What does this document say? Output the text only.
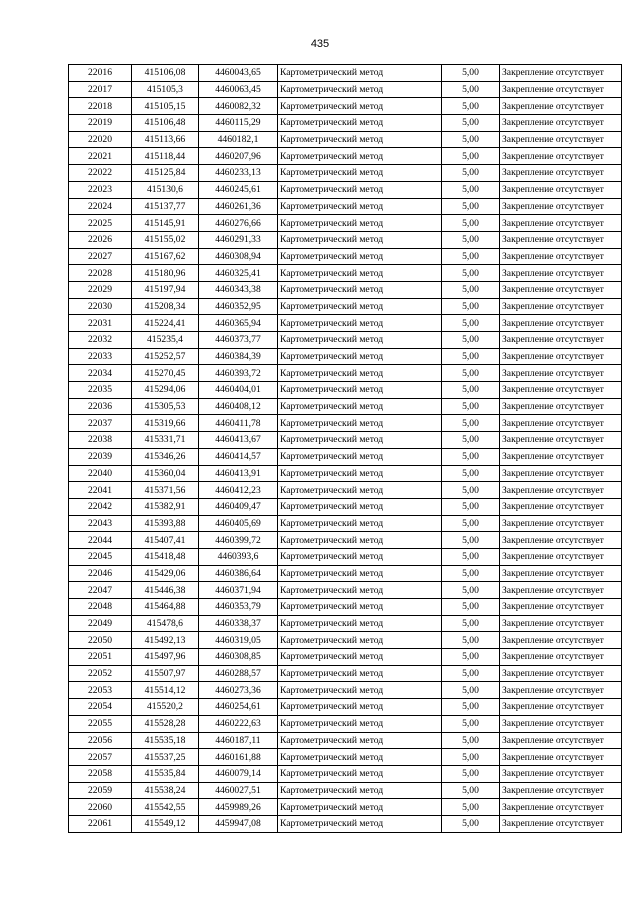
435
22016	415106,08	4460043,65	Картометрический метод	5,00	Закрепление отсутствует
22017	415105,3	4460063,45	Картометрический метод	5,00	Закрепление отсутствует
22018	415105,15	4460082,32	Картометрический метод	5,00	Закрепление отсутствует
22019	415106,48	4460115,29	Картометрический метод	5,00	Закрепление отсутствует
22020	415113,66	4460182,1	Картометрический метод	5,00	Закрепление отсутствует
22021	415118,44	4460207,96	Картометрический метод	5,00	Закрепление отсутствует
22022	415125,84	4460233,13	Картометрический метод	5,00	Закрепление отсутствует
22023	415130,6	4460245,61	Картометрический метод	5,00	Закрепление отсутствует
22024	415137,77	4460261,36	Картометрический метод	5,00	Закрепление отсутствует
22025	415145,91	4460276,66	Картометрический метод	5,00	Закрепление отсутствует
22026	415155,02	4460291,33	Картометрический метод	5,00	Закрепление отсутствует
22027	415167,62	4460308,94	Картометрический метод	5,00	Закрепление отсутствует
22028	415180,96	4460325,41	Картометрический метод	5,00	Закрепление отсутствует
22029	415197,94	4460343,38	Картометрический метод	5,00	Закрепление отсутствует
22030	415208,34	4460352,95	Картометрический метод	5,00	Закрепление отсутствует
22031	415224,41	4460365,94	Картометрический метод	5,00	Закрепление отсутствует
22032	415235,4	4460373,77	Картометрический метод	5,00	Закрепление отсутствует
22033	415252,57	4460384,39	Картометрический метод	5,00	Закрепление отсутствует
22034	415270,45	4460393,72	Картометрический метод	5,00	Закрепление отсутствует
22035	415294,06	4460404,01	Картометрический метод	5,00	Закрепление отсутствует
22036	415305,53	4460408,12	Картометрический метод	5,00	Закрепление отсутствует
22037	415319,66	4460411,78	Картометрический метод	5,00	Закрепление отсутствует
22038	415331,71	4460413,67	Картометрический метод	5,00	Закрепление отсутствует
22039	415346,26	4460414,57	Картометрический метод	5,00	Закрепление отсутствует
22040	415360,04	4460413,91	Картометрический метод	5,00	Закрепление отсутствует
22041	415371,56	4460412,23	Картометрический метод	5,00	Закрепление отсутствует
22042	415382,91	4460409,47	Картометрический метод	5,00	Закрепление отсутствует
22043	415393,88	4460405,69	Картометрический метод	5,00	Закрепление отсутствует
22044	415407,41	4460399,72	Картометрический метод	5,00	Закрепление отсутствует
22045	415418,48	4460393,6	Картометрический метод	5,00	Закрепление отсутствует
22046	415429,06	4460386,64	Картометрический метод	5,00	Закрепление отсутствует
22047	415446,38	4460371,94	Картометрический метод	5,00	Закрепление отсутствует
22048	415464,88	4460353,79	Картометрический метод	5,00	Закрепление отсутствует
22049	415478,6	4460338,37	Картометрический метод	5,00	Закрепление отсутствует
22050	415492,13	4460319,05	Картометрический метод	5,00	Закрепление отсутствует
22051	415497,96	4460308,85	Картометрический метод	5,00	Закрепление отсутствует
22052	415507,97	4460288,57	Картометрический метод	5,00	Закрепление отсутствует
22053	415514,12	4460273,36	Картометрический метод	5,00	Закрепление отсутствует
22054	415520,2	4460254,61	Картометрический метод	5,00	Закрепление отсутствует
22055	415528,28	4460222,63	Картометрический метод	5,00	Закрепление отсутствует
22056	415535,18	4460187,11	Картометрический метод	5,00	Закрепление отсутствует
22057	415537,25	4460161,88	Картометрический метод	5,00	Закрепление отсутствует
22058	415535,84	4460079,14	Картометрический метод	5,00	Закрепление отсутствует
22059	415538,24	4460027,51	Картометрический метод	5,00	Закрепление отсутствует
22060	415542,55	4459989,26	Картометрический метод	5,00	Закрепление отсутствует
22061	415549,12	4459947,08	Картометрический метод	5,00	Закрепление отсутствует
